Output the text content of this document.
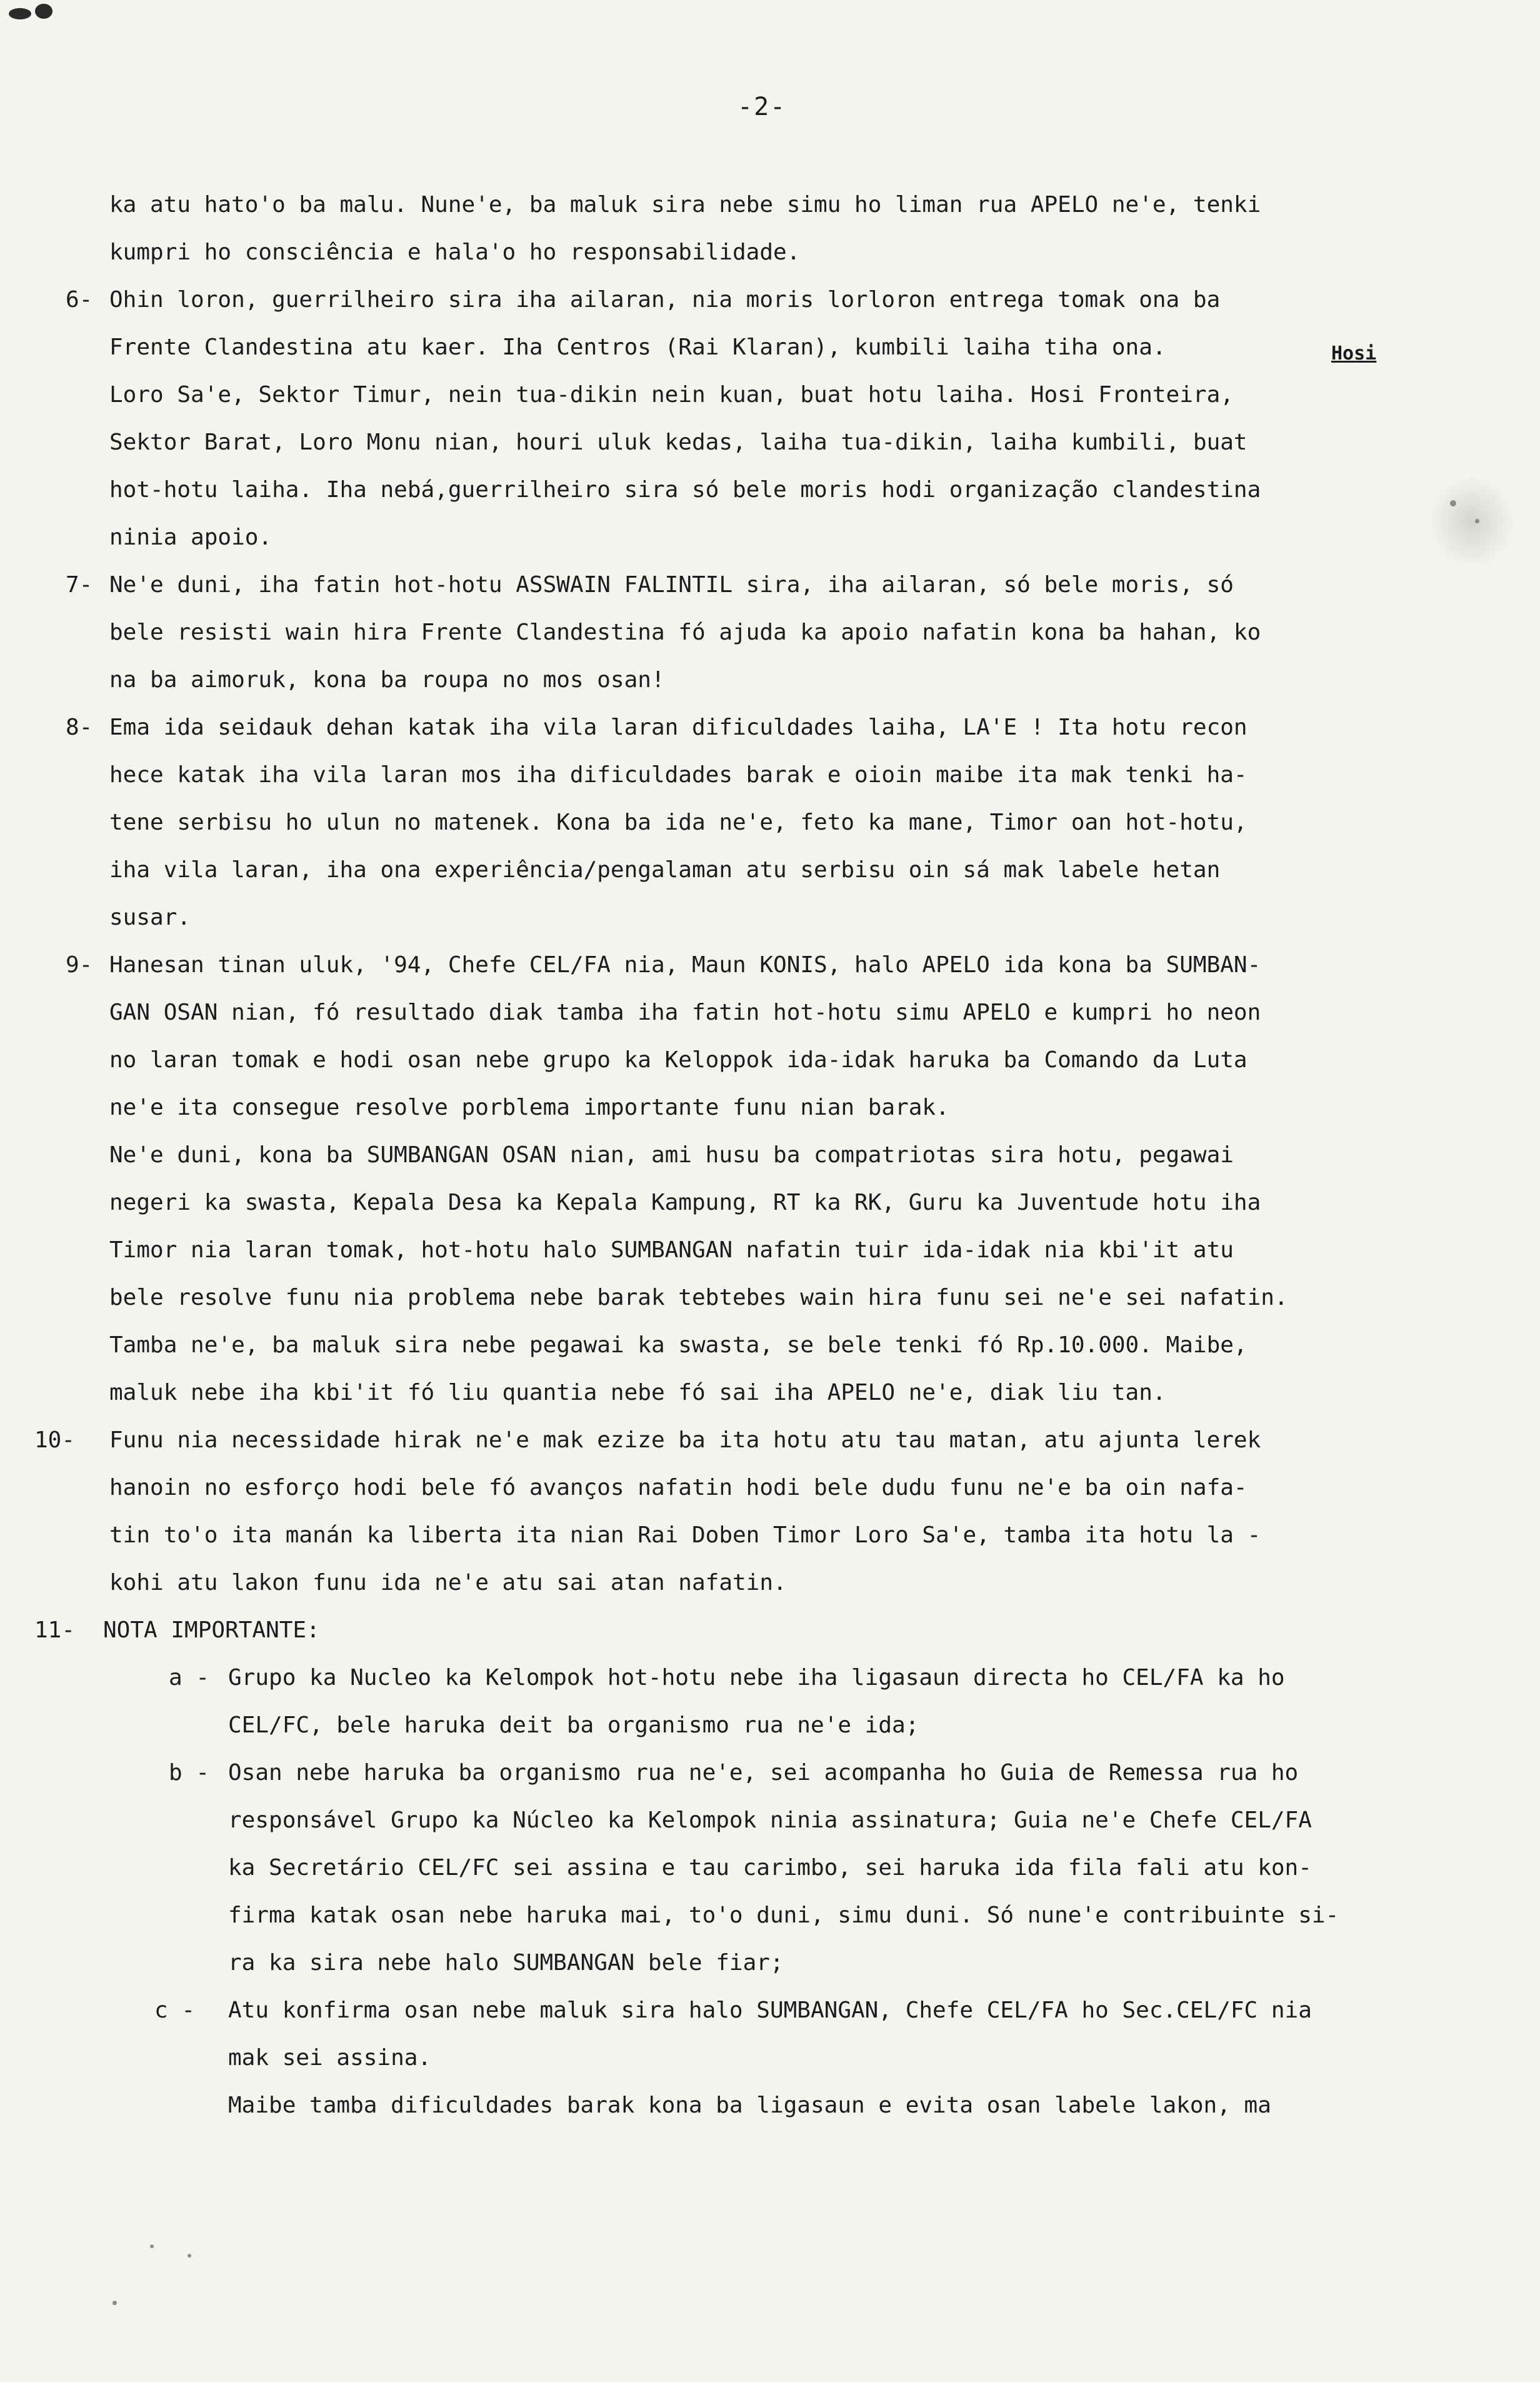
-2-
Hosi
ka atu hato'o ba malu. Nune'e, ba maluk sira nebe simu ho liman rua APELO ne'e, tenki
kumpri ho consciência e hala'o ho responsabilidade.
6- Ohin loron, guerrilheiro sira iha ailaran, nia moris lorloron entrega tomak ona ba
Frente Clandestina atu kaer. Iha Centros (Rai Klaran), kumbili laiha tiha ona.
Loro Sa'e, Sektor Timur, nein tua-dikin nein kuan, buat hotu laiha. Hosi Fronteira,
Sektor Barat, Loro Monu nian, houri uluk kedas, laiha tua-dikin, laiha kumbili, buat
hot-hotu laiha. Iha nebá,guerrilheiro sira só bele moris hodi organização clandestina
ninia apoio.
7- Ne'e duni, iha fatin hot-hotu ASSWAIN FALINTIL sira, iha ailaran, só bele moris, só
bele resisti wain hira Frente Clandestina fó ajuda ka apoio nafatin kona ba hahan, ko
na ba aimoruk, kona ba roupa no mos osan!
8- Ema ida seidauk dehan katak iha vila laran dificuldades laiha, LA'E ! Ita hotu recon
hece katak iha vila laran mos iha dificuldades barak e oioin maibe ita mak tenki ha-
tene serbisu ho ulun no matenek. Kona ba ida ne'e, feto ka mane, Timor oan hot-hotu,
iha vila laran, iha ona experiência/pengalaman atu serbisu oin sá mak labele hetan
susar.
9- Hanesan tinan uluk, '94, Chefe CEL/FA nia, Maun KONIS, halo APELO ida kona ba SUMBAN-
GAN OSAN nian, fó resultado diak tamba iha fatin hot-hotu simu APELO e kumpri ho neon
no laran tomak e hodi osan nebe grupo ka Keloppok ida-idak haruka ba Comando da Luta
ne'e ita consegue resolve porblema importante funu nian barak.
Ne'e duni, kona ba SUMBANGAN OSAN nian, ami husu ba compatriotas sira hotu, pegawai
negeri ka swasta, Kepala Desa ka Kepala Kampung, RT ka RK, Guru ka Juventude hotu iha
Timor nia laran tomak, hot-hotu halo SUMBANGAN nafatin tuir ida-idak nia kbi'it atu
bele resolve funu nia problema nebe barak tebtebes wain hira funu sei ne'e sei nafatin.
Tamba ne'e, ba maluk sira nebe pegawai ka swasta, se bele tenki fó Rp.10.000. Maibe,
maluk nebe iha kbi'it fó liu quantia nebe fó sai iha APELO ne'e, diak liu tan.
10- Funu nia necessidade hirak ne'e mak ezize ba ita hotu atu tau matan, atu ajunta lerek
hanoin no esforço hodi bele fó avanços nafatin hodi bele dudu funu ne'e ba oin nafa-
tin to'o ita manán ka liberta ita nian Rai Doben Timor Loro Sa'e, tamba ita hotu la -
kohi atu lakon funu ida ne'e atu sai atan nafatin.
11- NOTA IMPORTANTE:
a - Grupo ka Nucleo ka Kelompok hot-hotu nebe iha ligasaun directa ho CEL/FA ka ho
CEL/FC, bele haruka deit ba organismo rua ne'e ida;
b - Osan nebe haruka ba organismo rua ne'e, sei acompanha ho Guia de Remessa rua ho
responsável Grupo ka Núcleo ka Kelompok ninia assinatura; Guia ne'e Chefe CEL/FA
ka Secretário CEL/FC sei assina e tau carimbo, sei haruka ida fila fali atu kon-
firma katak osan nebe haruka mai, to'o duni, simu duni. Só nune'e contribuinte si-
ra ka sira nebe halo SUMBANGAN bele fiar;
c - Atu konfirma osan nebe maluk sira halo SUMBANGAN, Chefe CEL/FA ho Sec.CEL/FC nia
mak sei assina.
Maibe tamba dificuldades barak kona ba ligasaun e evita osan labele lakon, ma
